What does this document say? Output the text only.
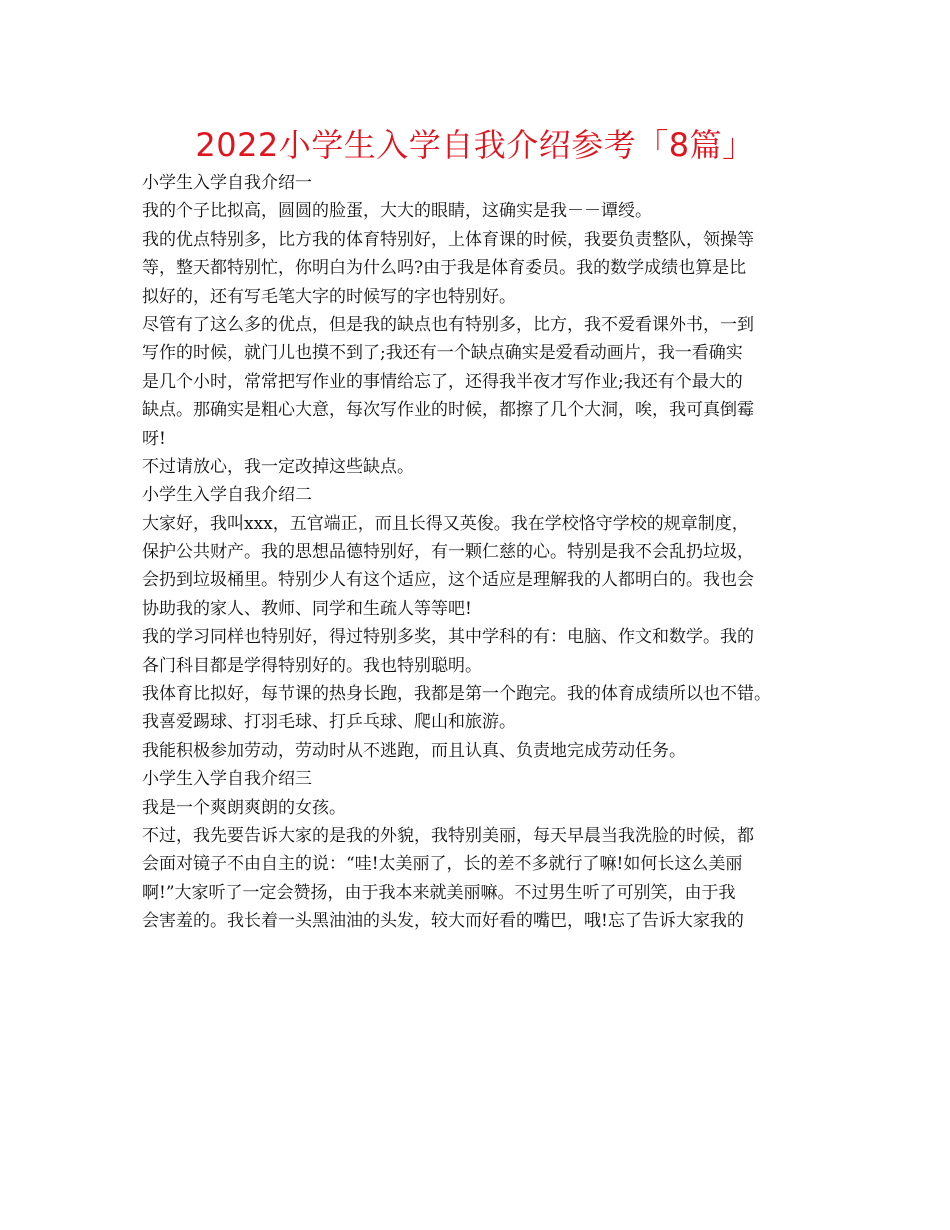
2022小学生入学自我介绍参考「8篇」
小学生入学自我介绍一
我的个子比拟高，圆圆的脸蛋，大大的眼睛，这确实是我－－谭绶。
我的优点特别多，比方我的体育特别好，上体育课的时候，我要负责整队，领操等
等，整天都特别忙，你明白为什么吗?由于我是体育委员。我的数学成绩也算是比
拟好的，还有写毛笔大字的时候写的字也特别好。
尽管有了这么多的优点，但是我的缺点也有特别多，比方，我不爱看课外书，一到
写作的时候，就门儿也摸不到了;我还有一个缺点确实是爱看动画片，我一看确实
是几个小时，常常把写作业的事情给忘了，还得我半夜才写作业;我还有个最大的
缺点。那确实是粗心大意，每次写作业的时候，都擦了几个大洞，唉，我可真倒霉
呀!
不过请放心，我一定改掉这些缺点。
小学生入学自我介绍二
大家好，我叫xxx，五官端正，而且长得又英俊。我在学校恪守学校的规章制度，
保护公共财产。我的思想品德特别好，有一颗仁慈的心。特别是我不会乱扔垃圾，
会扔到垃圾桶里。特别少人有这个适应，这个适应是理解我的人都明白的。我也会
协助我的家人、教师、同学和生疏人等等吧!
我的学习同样也特别好，得过特别多奖，其中学科的有：电脑、作文和数学。我的
各门科目都是学得特别好的。我也特别聪明。
我体育比拟好，每节课的热身长跑，我都是第一个跑完。我的体育成绩所以也不错。
我喜爱踢球、打羽毛球、打乒乓球、爬山和旅游。
我能积极参加劳动，劳动时从不逃跑，而且认真、负责地完成劳动任务。
小学生入学自我介绍三
我是一个爽朗爽朗的女孩。
不过，我先要告诉大家的是我的外貌，我特别美丽，每天早晨当我洗脸的时候，都
会面对镜子不由自主的说：“哇!太美丽了，长的差不多就行了嘛!如何长这么美丽
啊!”大家听了一定会赞扬，由于我本来就美丽嘛。不过男生听了可别笑，由于我
会害羞的。我长着一头黑油油的头发，较大而好看的嘴巴，哦!忘了告诉大家我的
